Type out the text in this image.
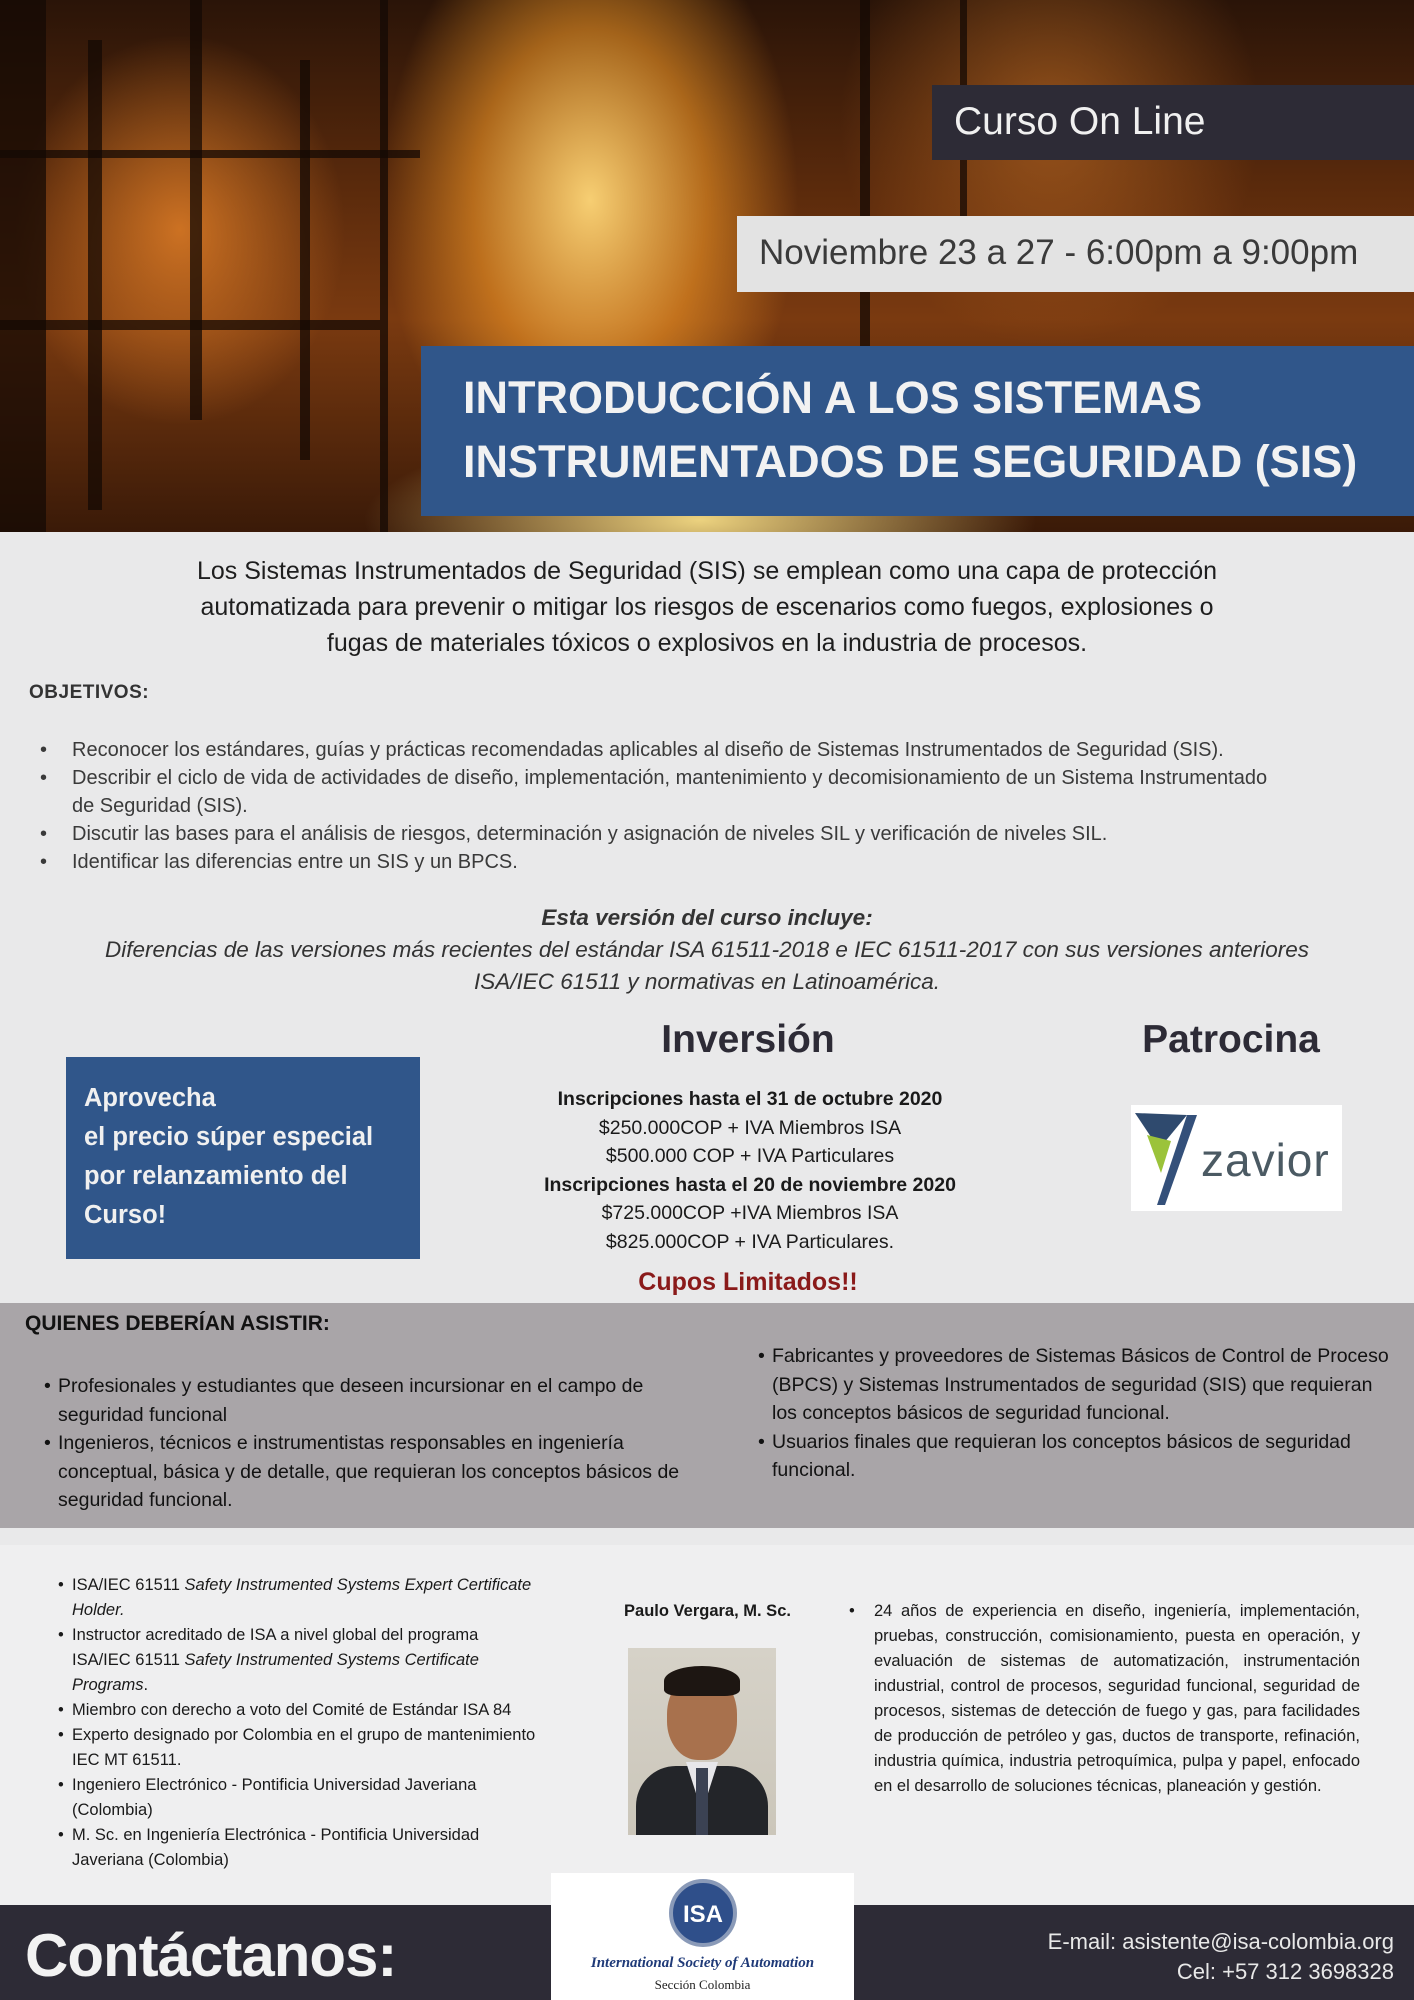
Curso On Line
Noviembre 23 a 27 - 6:00pm a 9:00pm
INTRODUCCIÓN A LOS SISTEMAS
INSTRUMENTADOS DE SEGURIDAD (SIS)
Los Sistemas Instrumentados de Seguridad (SIS) se emplean como una capa de protección
automatizada para prevenir o mitigar los riesgos de escenarios como fuegos, explosiones o
fugas de materiales tóxicos o explosivos en la industria de procesos.
OBJETIVOS:
• Reconocer los estándares, guías y prácticas recomendadas aplicables al diseño de Sistemas Instrumentados de Seguridad (SIS).
• Describir el ciclo de vida de actividades de diseño, implementación, mantenimiento y decomisionamiento de un Sistema Instrumentado de Seguridad (SIS).
• Discutir las bases para el análisis de riesgos, determinación y asignación de niveles SIL y verificación de niveles SIL.
• Identificar las diferencias entre un SIS y un BPCS.
Esta versión del curso incluye:
Diferencias de las versiones más recientes del estándar ISA 61511-2018 e IEC 61511-2017 con sus versiones anteriores
ISA/IEC 61511 y normativas en Latinoamérica.
Inversión	Patrocina
Aprovecha
el precio súper especial
por relanzamiento del
Curso!
Inscripciones hasta el 31 de octubre 2020
$250.000COP + IVA Miembros ISA
$500.000 COP + IVA Particulares
Inscripciones hasta el 20 de noviembre 2020
$725.000COP +IVA Miembros ISA
$825.000COP + IVA Particulares.
Cupos Limitados!!
zavior
QUIENES DEBERÍAN ASISTIR:
• Profesionales y estudiantes que deseen incursionar en el campo de seguridad funcional
• Ingenieros, técnicos e instrumentistas responsables en ingeniería conceptual, básica y de detalle, que requieran los conceptos básicos de seguridad funcional.
• Fabricantes y proveedores de Sistemas Básicos de Control de Proceso (BPCS) y Sistemas Instrumentados de seguridad (SIS) que requieran los conceptos básicos de seguridad funcional.
• Usuarios finales que requieran los conceptos básicos de seguridad funcional.
• ISA/IEC 61511 Safety Instrumented Systems Expert Certificate Holder.
• Instructor acreditado de ISA a nivel global del programa ISA/IEC 61511 Safety Instrumented Systems Certificate Programs.
• Miembro con derecho a voto del Comité de Estándar ISA 84
• Experto designado por Colombia en el grupo de mantenimiento IEC MT 61511.
• Ingeniero Electrónico - Pontificia Universidad Javeriana (Colombia)
• M. Sc. en Ingeniería Electrónica - Pontificia Universidad Javeriana (Colombia)
Paulo Vergara, M. Sc.
•	24 años de experiencia en diseño, ingeniería, implementación, pruebas, construcción, comisionamiento, puesta en operación, y evaluación de sistemas de automatización, instrumentación industrial, control de procesos, seguridad funcional, seguridad de procesos, sistemas de detección de fuego y gas, para facilidades de producción de petróleo y gas, ductos de transporte, refinación, industria química, industria petroquímica, pulpa y papel, enfocado en el desarrollo de soluciones técnicas, planeación y gestión.
Contáctanos:	E-mail: asistente@isa-colombia.org
Cel: +57 312 3698328
ISA
International Society of Automation
Sección Colombia
